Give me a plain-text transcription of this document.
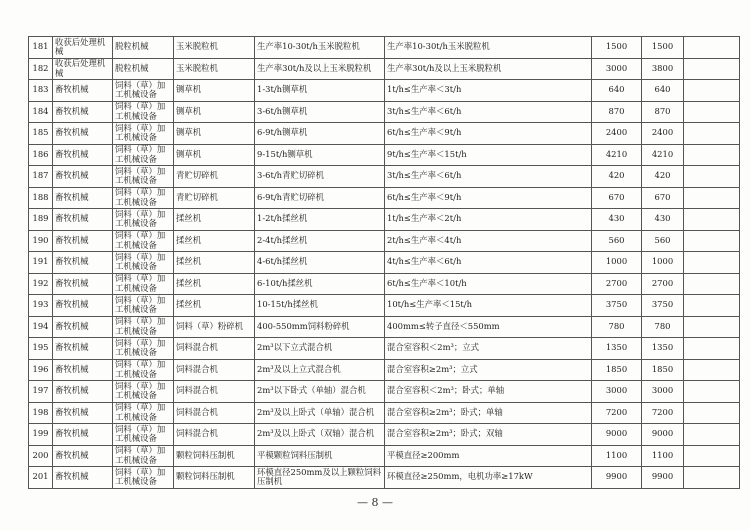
181	收获后处理机械	脱粒机械	玉米脱粒机	生产率10-30t/h玉米脱粒机	生产率10-30t/h玉米脱粒机	1500	1500	
182	收获后处理机械	脱粒机械	玉米脱粒机	生产率30t/h及以上玉米脱粒机	生产率30t/h及以上玉米脱粒机	3000	3800	
183	畜牧机械	饲料（草）加工机械设备	铡草机	1-3t/h铡草机	1t/h≤生产率＜3t/h	640	640	
184	畜牧机械	饲料（草）加工机械设备	铡草机	3-6t/h铡草机	3t/h≤生产率＜6t/h	870	870	
185	畜牧机械	饲料（草）加工机械设备	铡草机	6-9t/h铡草机	6t/h≤生产率＜9t/h	2400	2400	
186	畜牧机械	饲料（草）加工机械设备	铡草机	9-15t/h铡草机	9t/h≤生产率＜15t/h	4210	4210	
187	畜牧机械	饲料（草）加工机械设备	青贮切碎机	3-6t/h青贮切碎机	3t/h≤生产率＜6t/h	420	420	
188	畜牧机械	饲料（草）加工机械设备	青贮切碎机	6-9t/h青贮切碎机	6t/h≤生产率＜9t/h	670	670	
189	畜牧机械	饲料（草）加工机械设备	揉丝机	1-2t/h揉丝机	1t/h≤生产率＜2t/h	430	430	
190	畜牧机械	饲料（草）加工机械设备	揉丝机	2-4t/h揉丝机	2t/h≤生产率＜4t/h	560	560	
191	畜牧机械	饲料（草）加工机械设备	揉丝机	4-6t/h揉丝机	4t/h≤生产率＜6t/h	1000	1000	
192	畜牧机械	饲料（草）加工机械设备	揉丝机	6-10t/h揉丝机	6t/h≤生产率＜10t/h	2700	2700	
193	畜牧机械	饲料（草）加工机械设备	揉丝机	10-15t/h揉丝机	10t/h≤生产率＜15t/h	3750	3750	
194	畜牧机械	饲料（草）加工机械设备	饲料（草）粉碎机	400-550mm饲料粉碎机	400mm≤转子直径＜550mm	780	780	
195	畜牧机械	饲料（草）加工机械设备	饲料混合机	2m³以下立式混合机	混合室容积＜2m³；立式	1350	1350	
196	畜牧机械	饲料（草）加工机械设备	饲料混合机	2m³及以上立式混合机	混合室容积≥2m³；立式	1850	1850	
197	畜牧机械	饲料（草）加工机械设备	饲料混合机	2m³以下卧式（单轴）混合机	混合室容积＜2m³；卧式；单轴	3000	3000	
198	畜牧机械	饲料（草）加工机械设备	饲料混合机	2m³及以上卧式（单轴）混合机	混合室容积≥2m³；卧式；单轴	7200	7200	
199	畜牧机械	饲料（草）加工机械设备	饲料混合机	2m³及以上卧式（双轴）混合机	混合室容积≥2m³；卧式；双轴	9000	9000	
200	畜牧机械	饲料（草）加工机械设备	颗粒饲料压制机	平模颗粒饲料压制机	平模直径≥200mm	1100	1100	
201	畜牧机械	饲料（草）加工机械设备	颗粒饲料压制机	环模直径250mm及以上颗粒饲料压制机	环模直径≥250mm，电机功率≥17kW	9900	9900	
— 8 —
